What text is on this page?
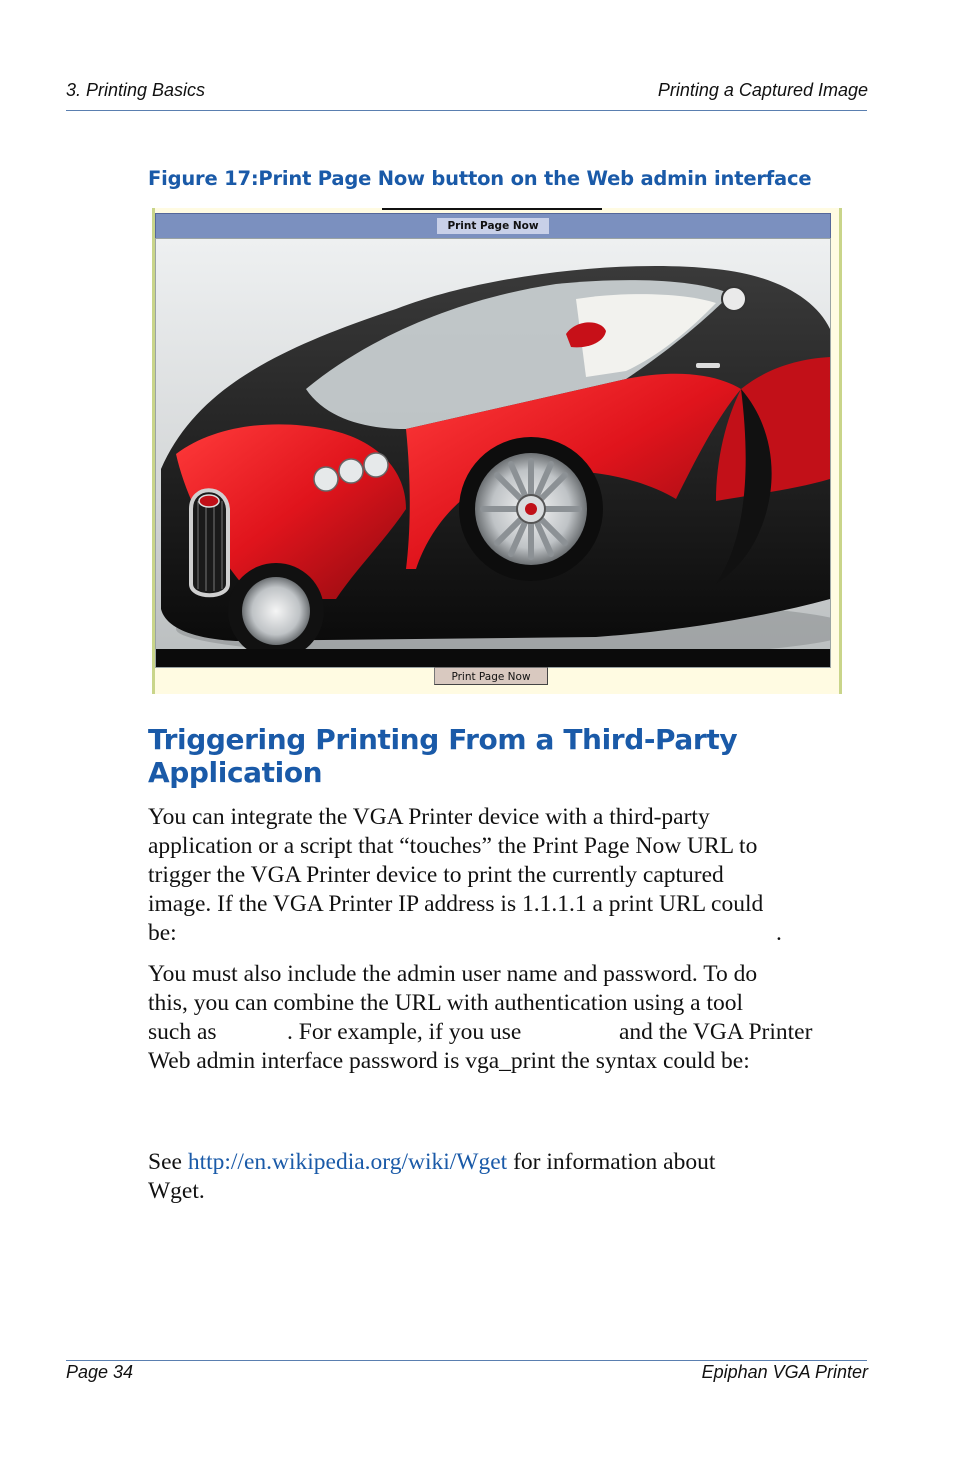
3. Printing Basics	Printing a Captured Image
Figure 17:Print Page Now button on the Web admin interface
Print Page Now
Print Page Now
Triggering Printing From a Third-Party
Application
You can integrate the VGA Printer device with a third-party
application or a script that “touches” the Print Page Now URL to
trigger the VGA Printer device to print the currently captured
image. If the VGA Printer IP address is 1.1.1.1 a print URL could
be:	.
You must also include the admin user name and password. To do
this, you can combine the URL with authentication using a tool
such as	. For example, if you use	and the VGA Printer
Web admin interface password is vga_print the syntax could be:
See http://en.wikipedia.org/wiki/Wget for information about
Wget.
Page 34	Epiphan VGA Printer
